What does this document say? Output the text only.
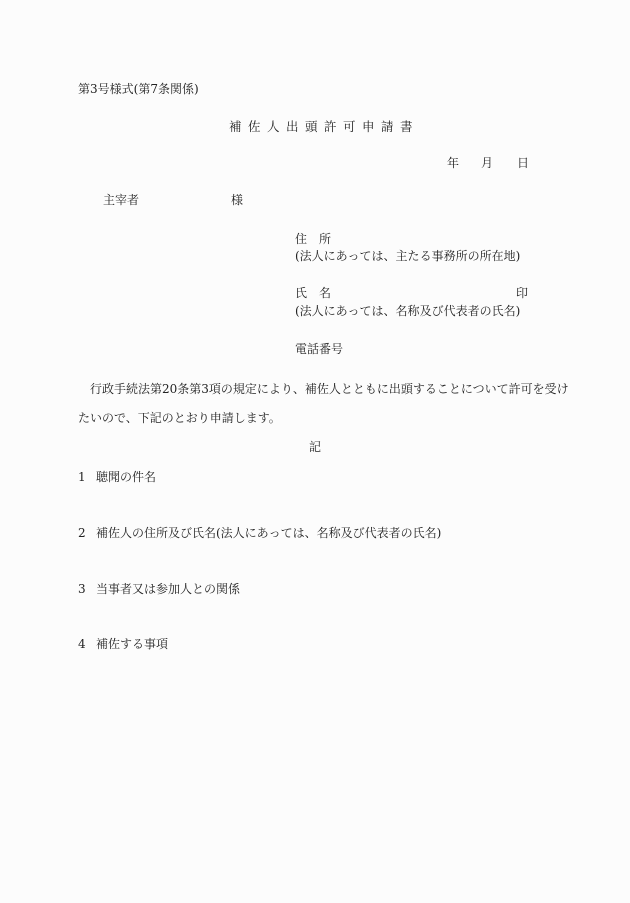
第3号様式(第7条関係)
補佐人出頭許可申請書
年 月 日
主宰者	様
住　所
(法人にあっては、主たる事務所の所在地)
氏　名	印
(法人にあっては、名称及び代表者の氏名)
電話番号
　行政手続法第20条第3項の規定により、補佐人とともに出頭することについて許可を受け
たいので、下記のとおり申請します。
記
1 聴聞の件名
2 補佐人の住所及び氏名(法人にあっては、名称及び代表者の氏名)
3 当事者又は参加人との関係
4 補佐する事項
